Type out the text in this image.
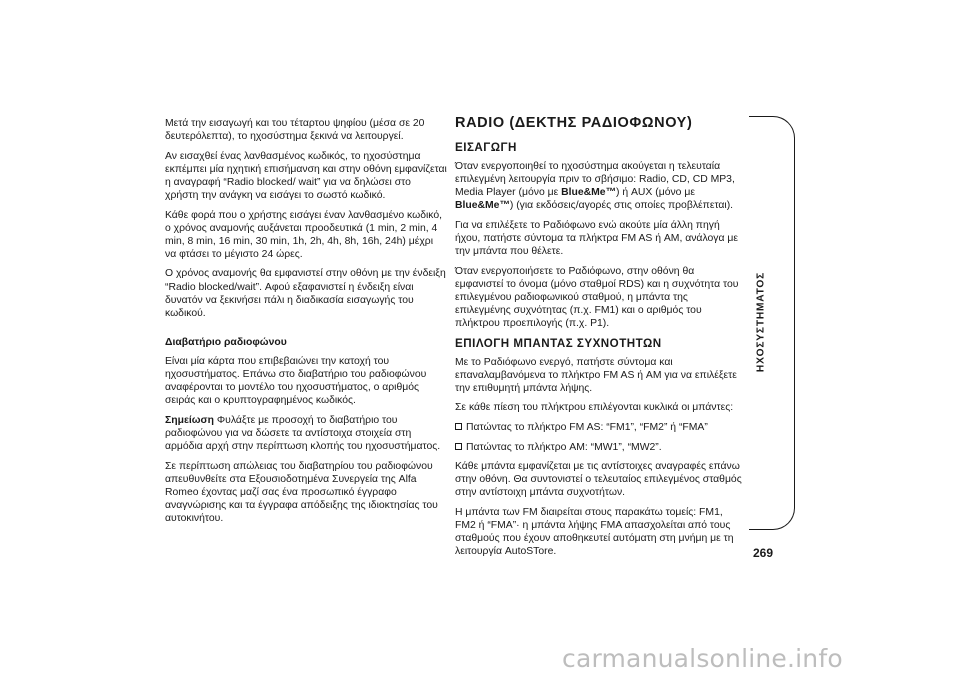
Μετά την εισαγωγή και του τέταρτου ψηφίου (μέσα σε 20 δευτερόλεπτα), το ηχοσύστημα ξεκινά να λειτουργεί.

Αν εισαχθεί ένας λανθασμένος κωδικός, το ηχοσύστημα εκπέμπει μία ηχητική επισήμανση και στην οθόνη εμφανίζεται η αναγραφή “Radio blocked/ wait” για να δηλώσει στο χρήστη την ανάγκη να εισάγει το σωστό κωδικό.

Κάθε φορά που ο χρήστης εισάγει έναν λανθασμένο κωδικό, ο χρόνος αναμονής αυξάνεται προοδευτικά (1 min, 2 min, 4 min, 8 min, 16 min, 30 min, 1h, 2h, 4h, 8h, 16h, 24h) μέχρι να φτάσει το μέγιστο 24 ώρες.

Ο χρόνος αναμονής θα εμφανιστεί στην οθόνη με την ένδειξη “Radio blocked/wait”. Αφού εξαφανιστεί η ένδειξη είναι δυνατόν να ξεκινήσει πάλι η διαδικασία εισαγωγής του κωδικού.

Διαβατήριο ραδιοφώνου

Είναι μία κάρτα που επιβεβαιώνει την κατοχή του ηχοσυστήματος. Επάνω στο διαβατήριο του ραδιοφώνου αναφέρονται το μοντέλο του ηχοσυστήματος, ο αριθμός σειράς και ο κρυπτογραφημένος κωδικός.

Σημείωση Φυλάξτε με προσοχή το διαβατήριο του ραδιοφώνου για να δώσετε τα αντίστοιχα στοιχεία στη αρμόδια αρχή στην περίπτωση κλοπής του ηχοσυστήματος.

Σε περίπτωση απώλειας του διαβατηρίου του ραδιοφώνου απευθυνθείτε στα Εξουσιοδοτημένα Συνεργεία της Alfa Romeo έχοντας μαζί σας ένα προσωπικό έγγραφο αναγνώρισης και τα έγγραφα απόδειξης της ιδιοκτησίας του αυτοκινήτου.

RADIO (ΔΕΚΤΗΣ ΡΑΔΙΟΦΩΝΟΥ)
ΕΙΣΑΓΩΓΗ

Όταν ενεργοποιηθεί το ηχοσύστημα ακούγεται η τελευταία επιλεγμένη λειτουργία πριν το σβήσιμο: Radio, CD, CD MP3, Media Player (μόνο με Blue&Me™) ή AUX (μόνο με Blue&Me™) (για εκδόσεις/αγορές στις οποίες προβλέπεται).

Για να επιλέξετε το Ραδιόφωνο ενώ ακούτε μία άλλη πηγή ήχου, πατήστε σύντομα τα πλήκτρα FM AS ή AM, ανάλογα με την μπάντα που θέλετε.

Όταν ενεργοποιήσετε το Ραδιόφωνο, στην οθόνη θα εμφανιστεί το όνομα (μόνο σταθμοί RDS) και η συχνότητα του επιλεγμένου ραδιοφωνικού σταθμού, η μπάντα της επιλεγμένης συχνότητας (π.χ. FM1) και ο αριθμός του πλήκτρου προεπιλογής (π.χ. P1).

ΕΠΙΛΟΓΗ ΜΠΑΝΤΑΣ ΣΥΧΝΟΤΗΤΩΝ

Με το Ραδιόφωνο ενεργό, πατήστε σύντομα και επαναλαμβανόμενα το πλήκτρο FM AS ή AM για να επιλέξετε την επιθυμητή μπάντα λήψης.

Σε κάθε πίεση του πλήκτρου επιλέγονται κυκλικά οι μπάντες:

Πατώντας το πλήκτρο FM AS: “FM1”, “FM2” ή “FMA”
Πατώντας το πλήκτρο AM: “MW1”, “MW2”.

Κάθε μπάντα εμφανίζεται με τις αντίστοιχες αναγραφές επάνω στην οθόνη. Θα συντονιστεί ο τελευταίος επιλεγμένος σταθμός στην αντίστοιχη μπάντα συχνοτήτων.

Η μπάντα των FM διαιρείται στους παρακάτω τομείς: FM1, FM2 ή “FMA”· η μπάντα λήψης FMA απασχολείται από τους σταθμούς που έχουν αποθηκευτεί αυτόματη στη μνήμη με τη λειτουργία AutoSTore.

ΗΧΟΣΥΣΤΗΜΑΤΟΣ
269
carmanualsonline.info
